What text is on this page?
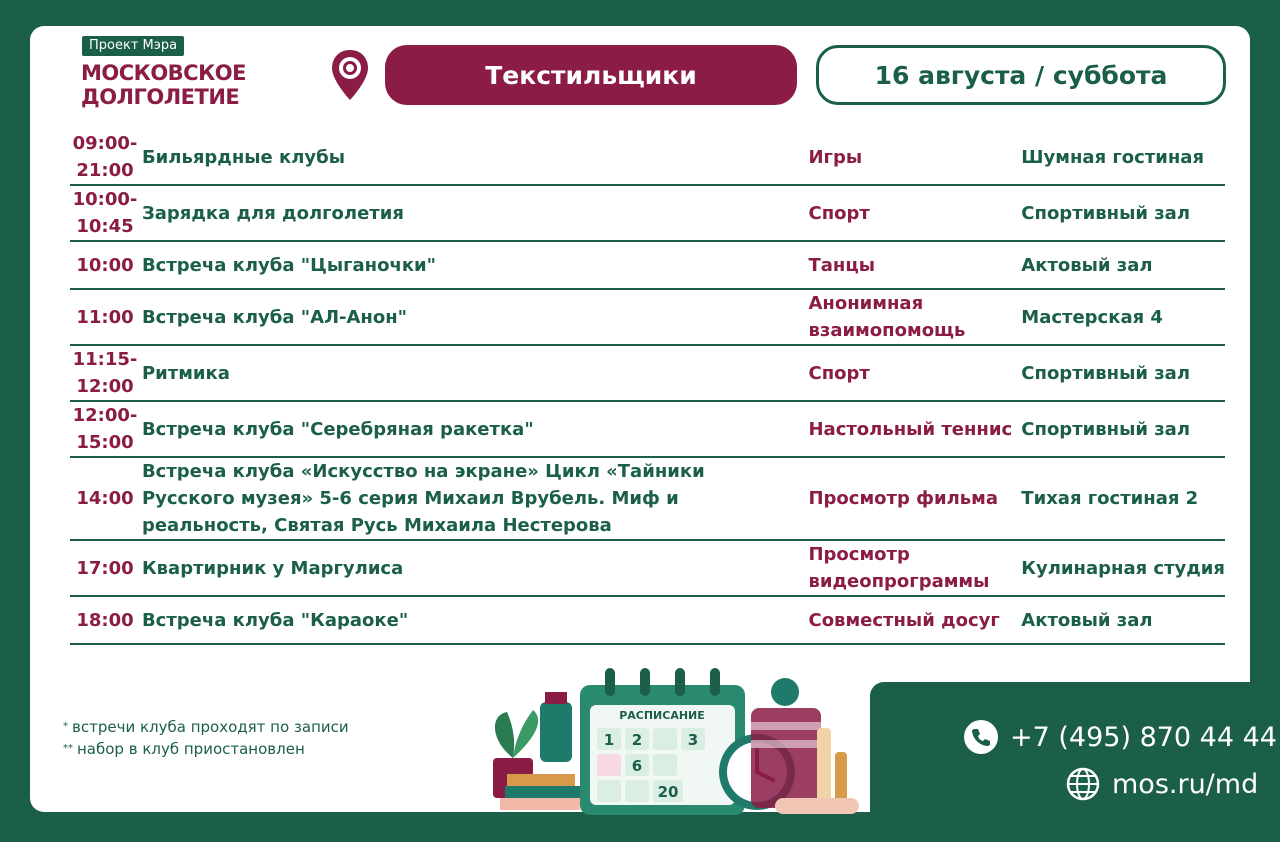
Проект Мэра
МОСКОВСКОЕ
ДОЛГОЛЕТИЕ
Текстильщики	16 августа / суббота
09:00-21:00	Бильярдные клубы	Игры	Шумная гостиная
10:00-10:45	Зарядка для долголетия	Спорт	Спортивный зал
10:00	Встреча клуба "Цыганочки"	Танцы	Актовый зал
11:00	Встреча клуба "АЛ-Анон"	Анонимная взаимопомощь	Мастерская 4
11:15-12:00	Ритмика	Спорт	Спортивный зал
12:00-15:00	Встреча клуба "Серебряная ракетка"	Настольный теннис	Спортивный зал
14:00	Встреча клуба «Искусство на экране» Цикл «Тайники Русского музея» 5-6 серия Михаил Врубель. Миф и реальность, Святая Русь Михаила Нестерова	Просмотр фильма	Тихая гостиная 2
17:00	Квартирник у Маргулиса	Просмотр видеопрограммы	Кулинарная студия
18:00	Встреча клуба "Караоке"	Совместный досуг	Актовый зал
* встречи клуба проходят по записи
** набор в клуб приостановлен
РАСПИСАНИЕ
1 2	3
6
20
+7 (495) 870 44 44
mos.ru/md
